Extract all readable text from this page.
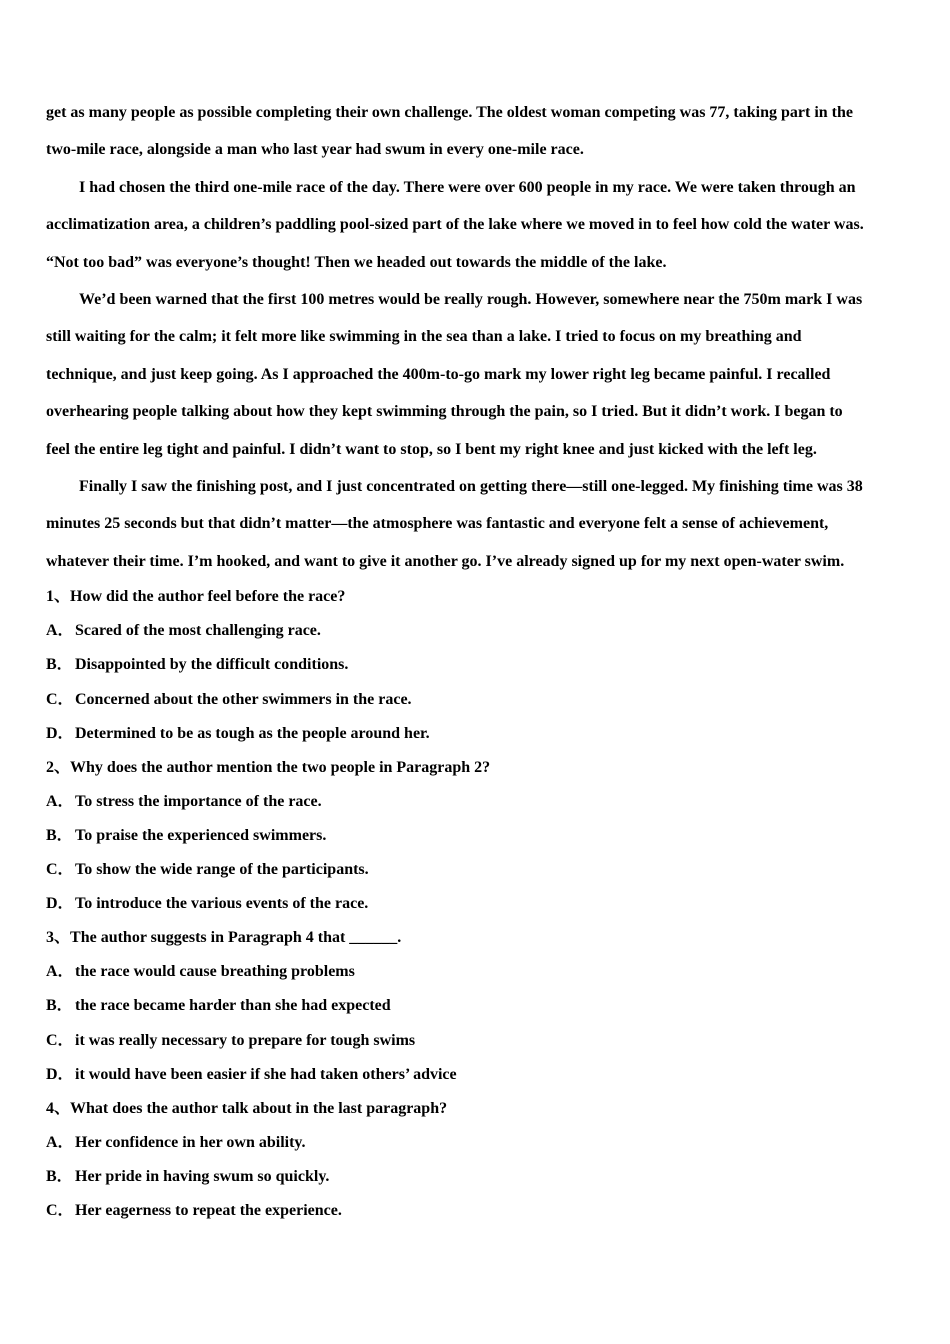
get as many people as possible completing their own challenge. The oldest woman competing was 77, taking part in the
two-mile race, alongside a man who last year had swum in every one-mile race.

I had chosen the third one-mile race of the day. There were over 600 people in my race. We were taken through an
acclimatization area, a children’s paddling pool-sized part of the lake where we moved in to feel how cold the water was.
“Not too bad” was everyone’s thought! Then we headed out towards the middle of the lake.

We’d been warned that the first 100 metres would be really rough. However, somewhere near the 750m mark I was
still waiting for the calm; it felt more like swimming in the sea than a lake. I tried to focus on my breathing and
technique, and just keep going. As I approached the 400m-to-go mark my lower right leg became painful. I recalled
overhearing people talking about how they kept swimming through the pain, so I tried. But it didn’t work. I began to
feel the entire leg tight and painful. I didn’t want to stop, so I bent my right knee and just kicked with the left leg.

Finally I saw the finishing post, and I just concentrated on getting there—still one-legged. My finishing time was 38
minutes 25 seconds but that didn’t matter—the atmosphere was fantastic and everyone felt a sense of achievement,
whatever their time. I’m hooked, and want to give it another go. I’ve already signed up for my next open-water swim.

1、How did the author feel before the race?

A．Scared of the most challenging race.

B． Disappointed by the difficult conditions.

C．Concerned about the other swimmers in the race.

D．Determined to be as tough as the people around her.

2、Why does the author mention the two people in Paragraph 2?

A．To stress the importance of the race.

B． To praise the experienced swimmers.

C．To show the wide range of the participants.

D．To introduce the various events of the race.

3、The author suggests in Paragraph 4 that ______.

A．the race would cause breathing problems

B． the race became harder than she had expected

C．it was really necessary to prepare for tough swims

D．it would have been easier if she had taken others’ advice

4、What does the author talk about in the last paragraph?

A．Her confidence in her own ability.

B． Her pride in having swum so quickly.

C．Her eagerness to repeat the experience.
